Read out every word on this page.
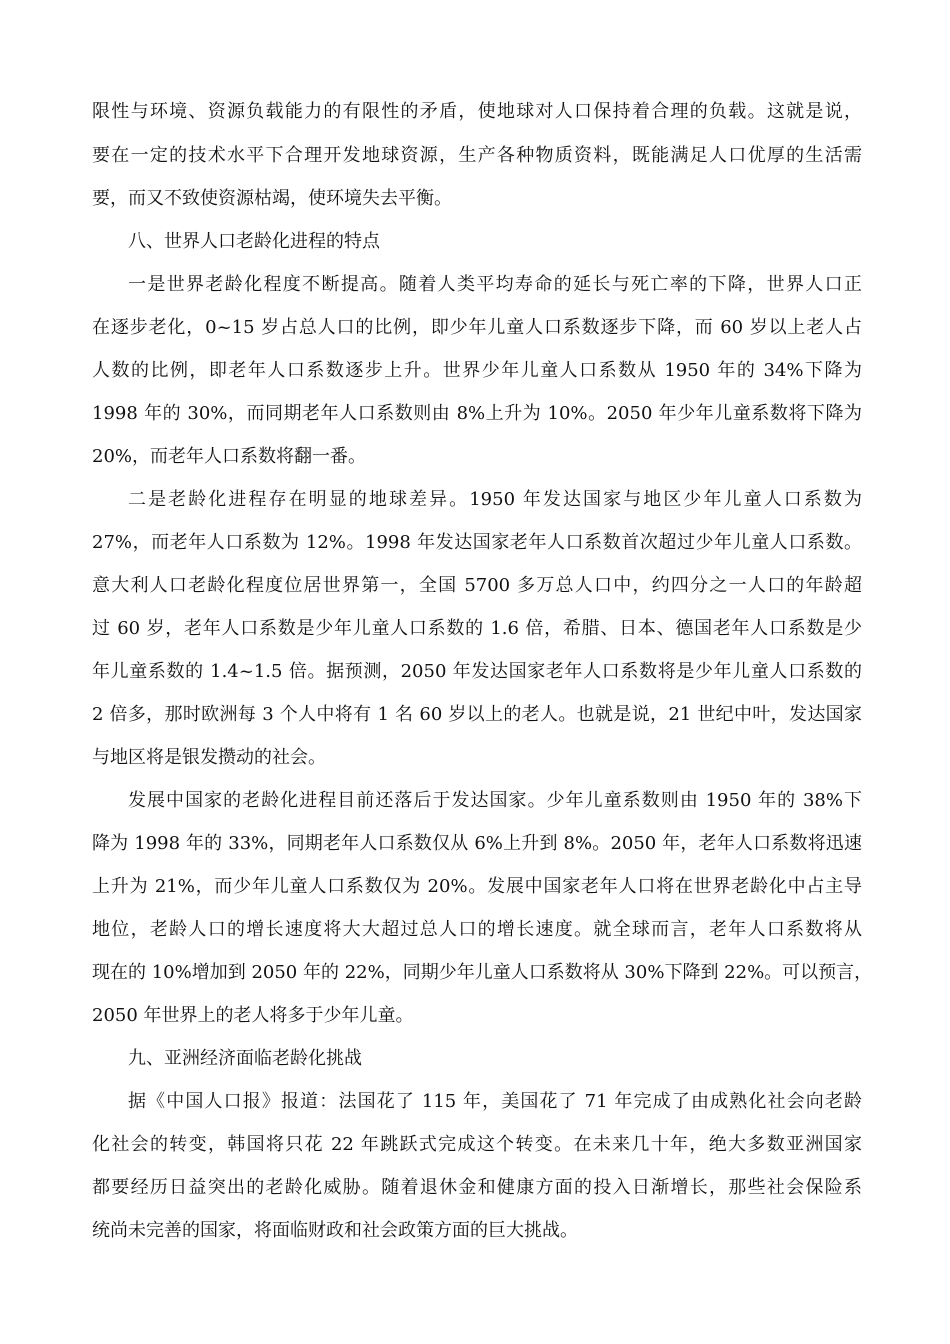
限性与环境、资源负载能力的有限性的矛盾，使地球对人口保持着合理的负载。这就是说，
要在一定的技术水平下合理开发地球资源，生产各种物质资料，既能满足人口优厚的生活需
要，而又不致使资源枯竭，使环境失去平衡。
八、世界人口老龄化进程的特点
一是世界老龄化程度不断提高。随着人类平均寿命的延长与死亡率的下降，世界人口正
在逐步老化，0~15 岁占总人口的比例，即少年儿童人口系数逐步下降，而 60 岁以上老人占
人数的比例，即老年人口系数逐步上升。世界少年儿童人口系数从 1950 年的 34%下降为
1998 年的 30%，而同期老年人口系数则由 8%上升为 10%。2050 年少年儿童系数将下降为
20%，而老年人口系数将翻一番。
二是老龄化进程存在明显的地球差异。1950 年发达国家与地区少年儿童人口系数为
27%，而老年人口系数为 12%。1998 年发达国家老年人口系数首次超过少年儿童人口系数。
意大利人口老龄化程度位居世界第一，全国 5700 多万总人口中，约四分之一人口的年龄超
过 60 岁，老年人口系数是少年儿童人口系数的 1.6 倍，希腊、日本、德国老年人口系数是少
年儿童系数的 1.4~1.5 倍。据预测，2050 年发达国家老年人口系数将是少年儿童人口系数的
2 倍多，那时欧洲每 3 个人中将有 1 名 60 岁以上的老人。也就是说，21 世纪中叶，发达国家
与地区将是银发攒动的社会。
发展中国家的老龄化进程目前还落后于发达国家。少年儿童系数则由 1950 年的 38%下
降为 1998 年的 33%，同期老年人口系数仅从 6%上升到 8%。2050 年，老年人口系数将迅速
上升为 21%，而少年儿童人口系数仅为 20%。发展中国家老年人口将在世界老龄化中占主导
地位，老龄人口的增长速度将大大超过总人口的增长速度。就全球而言，老年人口系数将从
现在的 10%增加到 2050 年的 22%，同期少年儿童人口系数将从 30%下降到 22%。可以预言，
2050 年世界上的老人将多于少年儿童。
九、亚洲经济面临老龄化挑战
据《中国人口报》报道：法国花了 115 年，美国花了 71 年完成了由成熟化社会向老龄
化社会的转变，韩国将只花 22 年跳跃式完成这个转变。在未来几十年，绝大多数亚洲国家
都要经历日益突出的老龄化威胁。随着退休金和健康方面的投入日渐增长，那些社会保险系
统尚未完善的国家，将面临财政和社会政策方面的巨大挑战。
